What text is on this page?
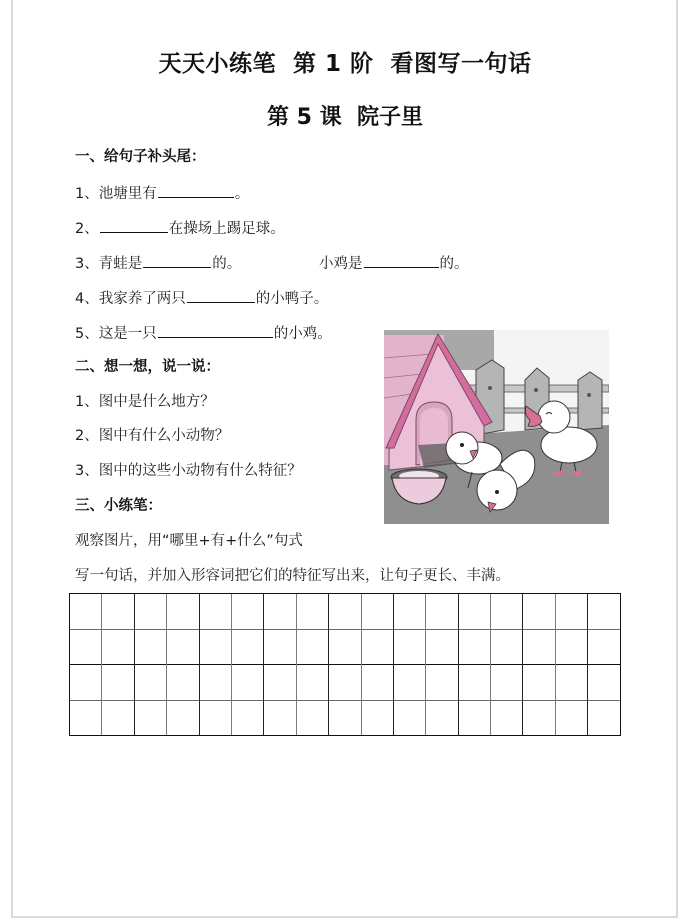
天天小练笔  第 1 阶  看图写一句话
第 5 课  院子里
一、给句子补头尾：
1、池塘里有	。
2、	在操场上踢足球。
3、青蛙是	的。	小鸡是	的。
4、我家养了两只	的小鸭子。
5、这是一只	的小鸡。
二、想一想，说一说：
1、图中是什么地方？
2、图中有什么小动物？
3、图中的这些小动物有什么特征？
三、小练笔：
观察图片，用“哪里+有+什么”句式
写一句话，并加入形容词把它们的特征写出来，让句子更长、丰满。
